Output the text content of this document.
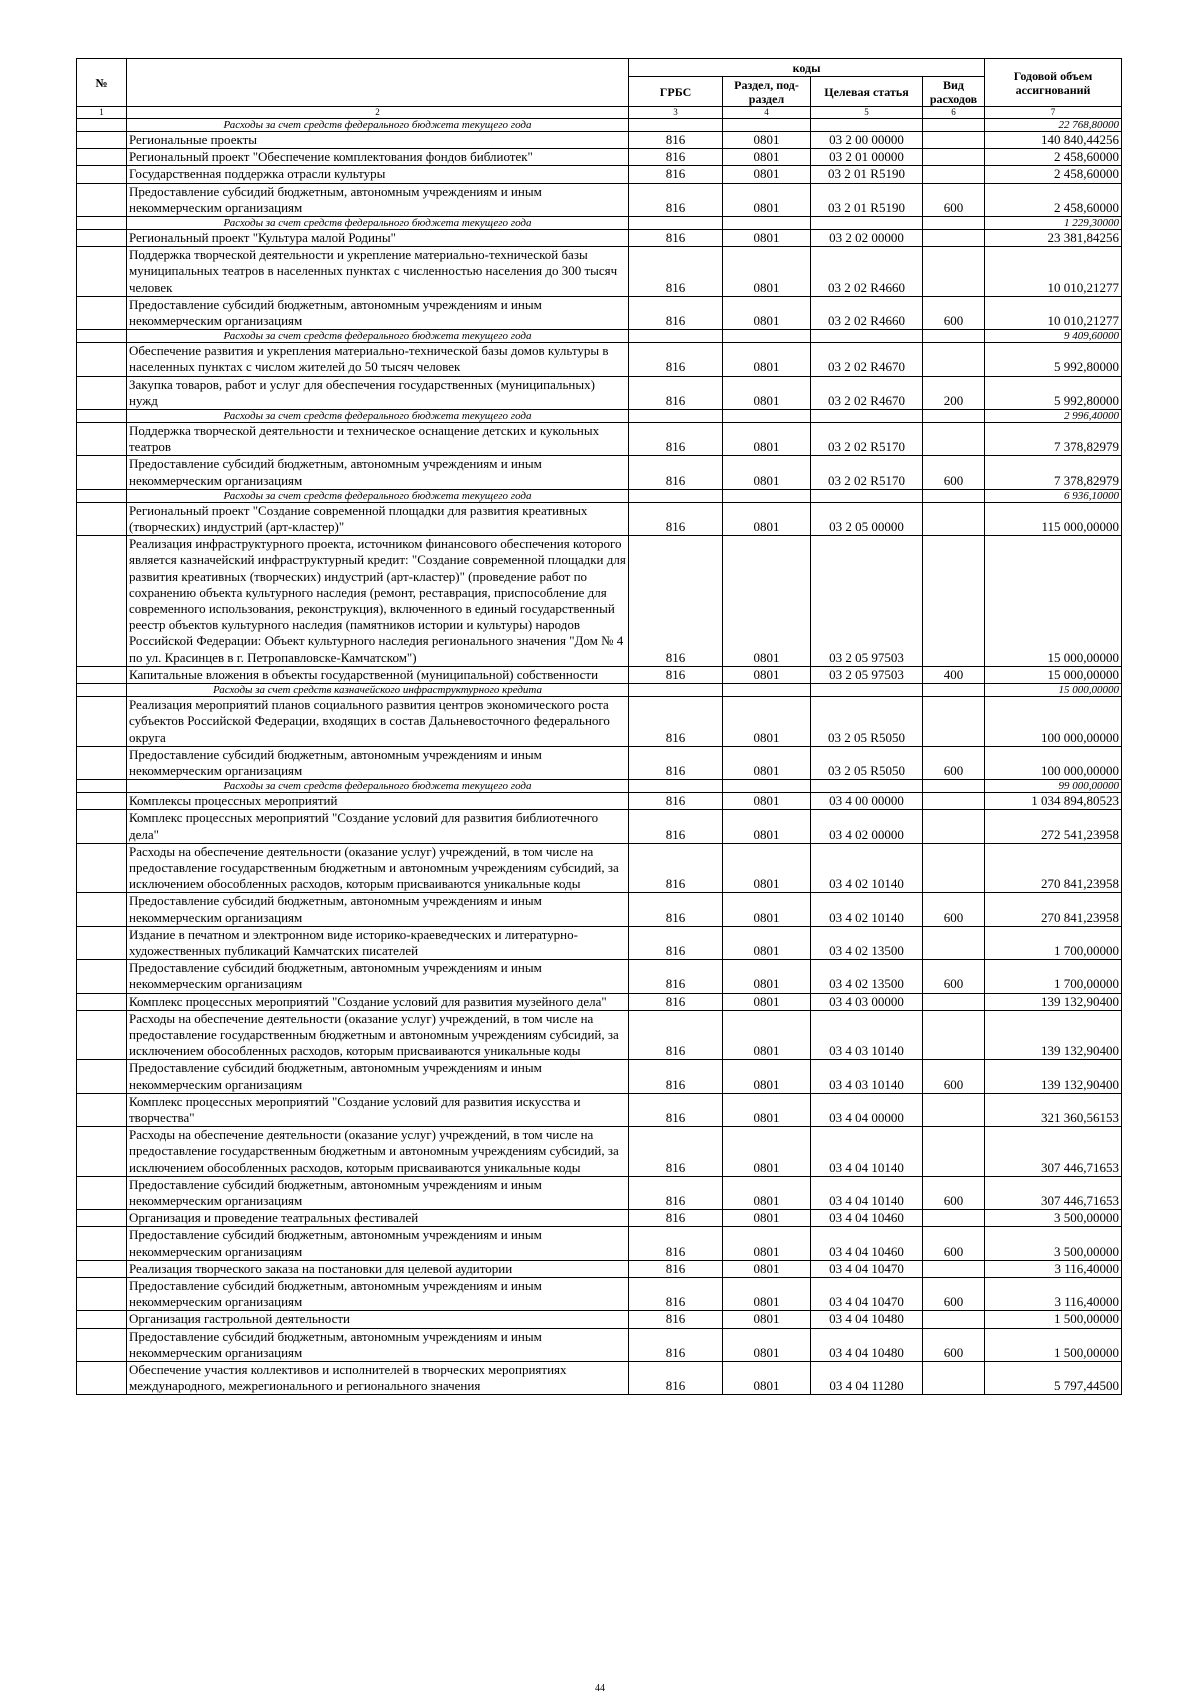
№		коды				Годовой объем ассигнований
		ГРБС	Раздел, под-раздел	Целевая статья	Вид расходов	
1	2	3	4	5	6	7
	Расходы за счет средств федерального бюджета текущего года					22 768,80000
	Региональные проекты	816	0801	03 2 00 00000		140 840,44256
	Региональный проект "Обеспечение комплектования фондов библиотек"	816	0801	03 2 01 00000		2 458,60000
	Государственная поддержка отрасли культуры	816	0801	03 2 01 R5190		2 458,60000
	Предоставление субсидий бюджетным, автономным учреждениям и иным некоммерческим организациям	816	0801	03 2 01 R5190	600	2 458,60000
	Расходы за счет средств федерального бюджета текущего года					1 229,30000
	Региональный проект "Культура малой Родины"	816	0801	03 2 02 00000		23 381,84256
	Поддержка творческой деятельности и укрепление материально-технической базы муниципальных театров в населенных пунктах с численностью населения до 300 тысяч человек	816	0801	03 2 02 R4660		10 010,21277
	Предоставление субсидий бюджетным, автономным учреждениям и иным некоммерческим организациям	816	0801	03 2 02 R4660	600	10 010,21277
	Расходы за счет средств федерального бюджета текущего года					9 409,60000
	Обеспечение развития и укрепления материально-технической базы домов культуры в населенных пунктах с числом жителей до 50 тысяч человек	816	0801	03 2 02 R4670		5 992,80000
	Закупка товаров, работ и услуг для обеспечения государственных (муниципальных) нужд	816	0801	03 2 02 R4670	200	5 992,80000
	Расходы за счет средств федерального бюджета текущего года					2 996,40000
	Поддержка творческой деятельности и техническое оснащение детских и кукольных театров	816	0801	03 2 02 R5170		7 378,82979
	Предоставление субсидий бюджетным, автономным учреждениям и иным некоммерческим организациям	816	0801	03 2 02 R5170	600	7 378,82979
	Расходы за счет средств федерального бюджета текущего года					6 936,10000
	Региональный проект "Создание современной площадки для развития креативных (творческих) индустрий (арт-кластер)"	816	0801	03 2 05 00000		115 000,00000
	Реализация инфраструктурного проекта, источником финансового обеспечения которого является казначейский инфраструктурный кредит: "Создание современной площадки для развития креативных (творческих) индустрий (арт-кластер)" (проведение работ по сохранению объекта культурного наследия (ремонт, реставрация, приспособление для современного использования, реконструкция), включенного в единый государственный реестр объектов культурного наследия (памятников истории и культуры) народов Российской Федерации: Объект культурного наследия регионального значения "Дом № 4 по ул. Красинцев в г. Петропавловске-Камчатском")	816	0801	03 2 05 97503		15 000,00000
	Капитальные вложения в объекты государственной (муниципальной) собственности	816	0801	03 2 05 97503	400	15 000,00000
	Расходы за счет средств казначейского инфраструктурного кредита					15 000,00000
	Реализация мероприятий планов социального развития центров экономического роста субъектов Российской Федерации, входящих в состав Дальневосточного федерального округа	816	0801	03 2 05 R5050		100 000,00000
	Предоставление субсидий бюджетным, автономным учреждениям и иным некоммерческим организациям	816	0801	03 2 05 R5050	600	100 000,00000
	Расходы за счет средств федерального бюджета текущего года					99 000,00000
	Комплексы процессных мероприятий	816	0801	03 4 00 00000		1 034 894,80523
	Комплекс процессных мероприятий "Создание условий для развития библиотечного дела"	816	0801	03 4 02 00000		272 541,23958
	Расходы на обеспечение деятельности (оказание услуг) учреждений, в том числе на предоставление государственным бюджетным и автономным учреждениям субсидий, за исключением обособленных расходов, которым присваиваются уникальные коды	816	0801	03 4 02 10140		270 841,23958
	Предоставление субсидий бюджетным, автономным учреждениям и иным некоммерческим организациям	816	0801	03 4 02 10140	600	270 841,23958
	Издание в печатном и электронном виде историко-краеведческих и литературно-художественных публикаций Камчатских писателей	816	0801	03 4 02 13500		1 700,00000
	Предоставление субсидий бюджетным, автономным учреждениям и иным некоммерческим организациям	816	0801	03 4 02 13500	600	1 700,00000
	Комплекс процессных мероприятий "Создание условий для развития музейного дела"	816	0801	03 4 03 00000		139 132,90400
	Расходы на обеспечение деятельности (оказание услуг) учреждений, в том числе на предоставление государственным бюджетным и автономным учреждениям субсидий, за исключением обособленных расходов, которым присваиваются уникальные коды	816	0801	03 4 03 10140		139 132,90400
	Предоставление субсидий бюджетным, автономным учреждениям и иным некоммерческим организациям	816	0801	03 4 03 10140	600	139 132,90400
	Комплекс процессных мероприятий "Создание условий для развития искусства и творчества"	816	0801	03 4 04 00000		321 360,56153
	Расходы на обеспечение деятельности (оказание услуг) учреждений, в том числе на предоставление государственным бюджетным и автономным учреждениям субсидий, за исключением обособленных расходов, которым присваиваются уникальные коды	816	0801	03 4 04 10140		307 446,71653
	Предоставление субсидий бюджетным, автономным учреждениям и иным некоммерческим организациям	816	0801	03 4 04 10140	600	307 446,71653
	Организация и проведение театральных фестивалей	816	0801	03 4 04 10460		3 500,00000
	Предоставление субсидий бюджетным, автономным учреждениям и иным некоммерческим организациям	816	0801	03 4 04 10460	600	3 500,00000
	Реализация творческого заказа на постановки для целевой аудитории	816	0801	03 4 04 10470		3 116,40000
	Предоставление субсидий бюджетным, автономным учреждениям и иным некоммерческим организациям	816	0801	03 4 04 10470	600	3 116,40000
	Организация гастрольной деятельности	816	0801	03 4 04 10480		1 500,00000
	Предоставление субсидий бюджетным, автономным учреждениям и иным некоммерческим организациям	816	0801	03 4 04 10480	600	1 500,00000
	Обеспечение участия коллективов и исполнителей в творческих мероприятиях международного, межрегионального и регионального значения	816	0801	03 4 04 11280		5 797,44500
44
